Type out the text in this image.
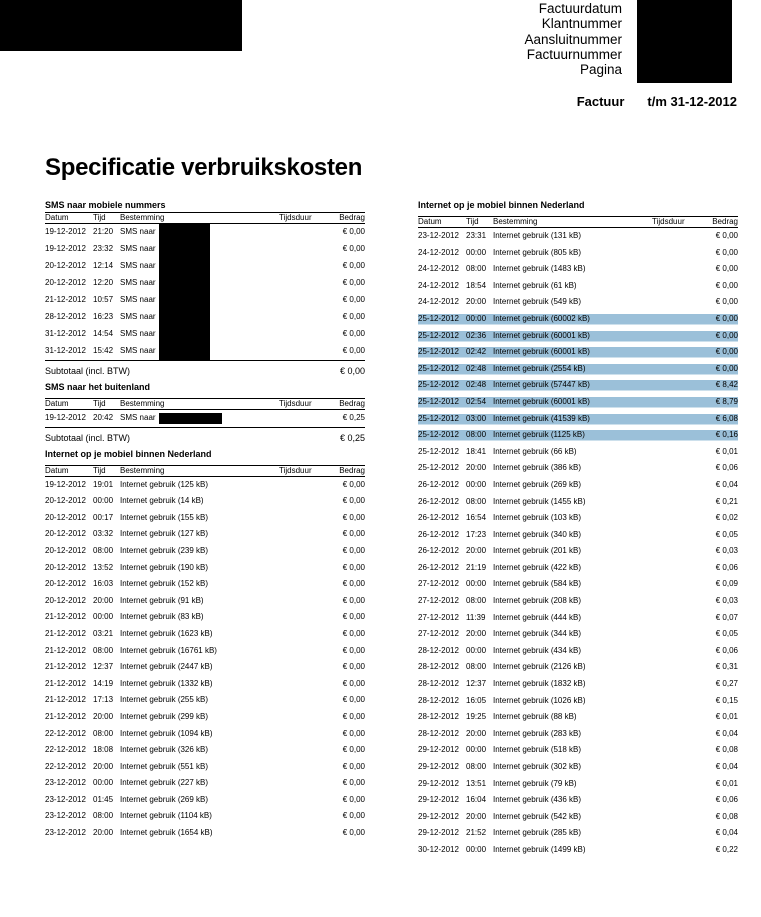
Factuurdatum
Klantnummer
Aansluitnummer
Factuurnummer
Pagina
Factuur t/m 31-12-2012
Specificatie verbruikskosten
SMS naar mobiele nummers
Datum	Tijd	Bestemming	Tijdsduur	Bedrag
19-12-2012	21:20	SMS naar		€ 0,00
19-12-2012	23:32	SMS naar		€ 0,00
20-12-2012	12:14	SMS naar		€ 0,00
20-12-2012	12:20	SMS naar		€ 0,00
21-12-2012	10:57	SMS naar		€ 0,00
28-12-2012	16:23	SMS naar		€ 0,00
31-12-2012	14:54	SMS naar		€ 0,00
31-12-2012	15:42	SMS naar		€ 0,00
Subtotaal (incl. BTW)	€ 0,00
SMS naar het buitenland
Datum	Tijd	Bestemming	Tijdsduur	Bedrag
19-12-2012	20:42	SMS naar		€ 0,25
Subtotaal (incl. BTW)	€ 0,25
Internet op je mobiel binnen Nederland
Datum	Tijd	Bestemming	Tijdsduur	Bedrag
19-12-2012	19:01	Internet gebruik (125 kB)		€ 0,00
20-12-2012	00:00	Internet gebruik (14 kB)		€ 0,00
20-12-2012	00:17	Internet gebruik (155 kB)		€ 0,00
20-12-2012	03:32	Internet gebruik (127 kB)		€ 0,00
20-12-2012	08:00	Internet gebruik (239 kB)		€ 0,00
20-12-2012	13:52	Internet gebruik (190 kB)		€ 0,00
20-12-2012	16:03	Internet gebruik (152 kB)		€ 0,00
20-12-2012	20:00	Internet gebruik (91 kB)		€ 0,00
21-12-2012	00:00	Internet gebruik (83 kB)		€ 0,00
21-12-2012	03:21	Internet gebruik (1623 kB)		€ 0,00
21-12-2012	08:00	Internet gebruik (16761 kB)		€ 0,00
21-12-2012	12:37	Internet gebruik (2447 kB)		€ 0,00
21-12-2012	14:19	Internet gebruik (1332 kB)		€ 0,00
21-12-2012	17:13	Internet gebruik (255 kB)		€ 0,00
21-12-2012	20:00	Internet gebruik (299 kB)		€ 0,00
22-12-2012	08:00	Internet gebruik (1094 kB)		€ 0,00
22-12-2012	18:08	Internet gebruik (326 kB)		€ 0,00
22-12-2012	20:00	Internet gebruik (551 kB)		€ 0,00
23-12-2012	00:00	Internet gebruik (227 kB)		€ 0,00
23-12-2012	01:45	Internet gebruik (269 kB)		€ 0,00
23-12-2012	08:00	Internet gebruik (1104 kB)		€ 0,00
23-12-2012	20:00	Internet gebruik (1654 kB)		€ 0,00
Internet op je mobiel binnen Nederland
Datum	Tijd	Bestemming	Tijdsduur	Bedrag
23-12-2012	23:31	Internet gebruik (131 kB)		€ 0,00
24-12-2012	00:00	Internet gebruik (805 kB)		€ 0,00
24-12-2012	08:00	Internet gebruik (1483 kB)		€ 0,00
24-12-2012	18:54	Internet gebruik (61 kB)		€ 0,00
24-12-2012	20:00	Internet gebruik (549 kB)		€ 0,00
25-12-2012	00:00	Internet gebruik (60002 kB)		€ 0,00
25-12-2012	02:36	Internet gebruik (60001 kB)		€ 0,00
25-12-2012	02:42	Internet gebruik (60001 kB)		€ 0,00
25-12-2012	02:48	Internet gebruik (2554 kB)		€ 0,00
25-12-2012	02:48	Internet gebruik (57447 kB)		€ 8,42
25-12-2012	02:54	Internet gebruik (60001 kB)		€ 8,79
25-12-2012	03:00	Internet gebruik (41539 kB)		€ 6,08
25-12-2012	08:00	Internet gebruik (1125 kB)		€ 0,16
25-12-2012	18:41	Internet gebruik (66 kB)		€ 0,01
25-12-2012	20:00	Internet gebruik (386 kB)		€ 0,06
26-12-2012	00:00	Internet gebruik (269 kB)		€ 0,04
26-12-2012	08:00	Internet gebruik (1455 kB)		€ 0,21
26-12-2012	16:54	Internet gebruik (103 kB)		€ 0,02
26-12-2012	17:23	Internet gebruik (340 kB)		€ 0,05
26-12-2012	20:00	Internet gebruik (201 kB)		€ 0,03
26-12-2012	21:19	Internet gebruik (422 kB)		€ 0,06
27-12-2012	00:00	Internet gebruik (584 kB)		€ 0,09
27-12-2012	08:00	Internet gebruik (208 kB)		€ 0,03
27-12-2012	11:39	Internet gebruik (444 kB)		€ 0,07
27-12-2012	20:00	Internet gebruik (344 kB)		€ 0,05
28-12-2012	00:00	Internet gebruik (434 kB)		€ 0,06
28-12-2012	08:00	Internet gebruik (2126 kB)		€ 0,31
28-12-2012	12:37	Internet gebruik (1832 kB)		€ 0,27
28-12-2012	16:05	Internet gebruik (1026 kB)		€ 0,15
28-12-2012	19:25	Internet gebruik (88 kB)		€ 0,01
28-12-2012	20:00	Internet gebruik (283 kB)		€ 0,04
29-12-2012	00:00	Internet gebruik (518 kB)		€ 0,08
29-12-2012	08:00	Internet gebruik (302 kB)		€ 0,04
29-12-2012	13:51	Internet gebruik (79 kB)		€ 0,01
29-12-2012	16:04	Internet gebruik (436 kB)		€ 0,06
29-12-2012	20:00	Internet gebruik (542 kB)		€ 0,08
29-12-2012	21:52	Internet gebruik (285 kB)		€ 0,04
30-12-2012	00:00	Internet gebruik (1499 kB)		€ 0,22
